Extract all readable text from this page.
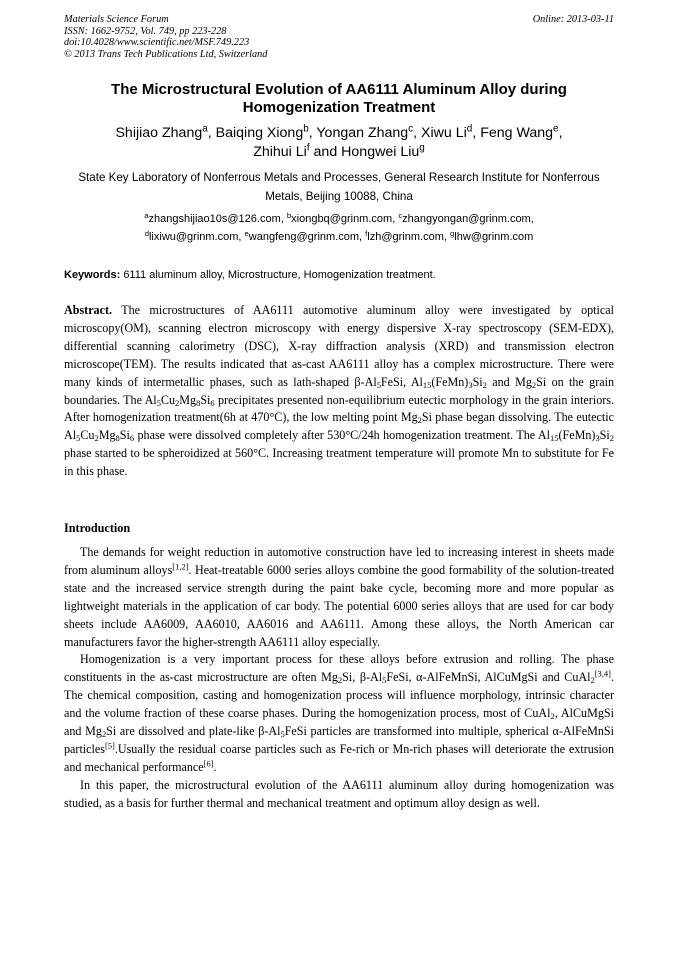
Materials Science Forum
ISSN: 1662-9752, Vol. 749, pp 223-228
doi:10.4028/www.scientific.net/MSF.749.223
© 2013 Trans Tech Publications Ltd, Switzerland
Online: 2013-03-11
The Microstructural Evolution of AA6111 Aluminum Alloy during Homogenization Treatment
Shijiao Zhang$^a$, Baiqing Xiong$^b$, Yongan Zhang$^c$, Xiwu Li$^d$, Feng Wang$^e$,
Zhihui Li$^f$ and Hongwei Liu$^g$
State Key Laboratory of Nonferrous Metals and Processes, General Research Institute for Nonferrous Metals, Beijing 10088, China
$^a$zhangshijiao10s@126.com, $^b$xiongbq@grinm.com, $^c$zhangyongan@grinm.com,
$^d$lixiwu@grinm.com, $^e$wangfeng@grinm.com, $^f$lzh@grinm.com, $^g$lhw@grinm.com
Keywords: 6111 aluminum alloy, Microstructure, Homogenization treatment.
Abstract. The microstructures of AA6111 automotive aluminum alloy were investigated by optical microscopy(OM), scanning electron microscopy with energy dispersive X-ray spectroscopy (SEM-EDX), differential scanning calorimetry (DSC), X-ray diffraction analysis (XRD) and transmission electron microscope(TEM). The results indicated that as-cast AA6111 alloy has a complex microstructure. There were many kinds of intermetallic phases, such as lath-shaped $\beta-Al_5FeSi$, $Al_{15}(FeMn)_3Si_2$ and $Mg_2Si$ on the grain boundaries. The $Al_5Cu_2Mg_8Si_6$ precipitates presented non-equilibrium eutectic morphology in the grain interiors. After homogenization treatment(6h at 470°C), the low melting point $Mg_2Si$ phase began dissolving. The eutectic $Al_5Cu_2Mg_8Si_6$ phase were dissolved completely after 530°C/24h homogenization treatment. The $Al_{15}(FeMn)_3Si_2$ phase started to be spheroidized at 560°C. Increasing treatment temperature will promote Mn to substitute for Fe in this phase.
Introduction

The demands for weight reduction in automotive construction have led to increasing interest in sheets made from aluminum alloys[1,2]. Heat-treatable 6000 series alloys combine the good formability of the solution-treated state and the increased service strength during the paint bake cycle, becoming more and more popular as lightweight materials in the application of car body. The potential 6000 series alloys that are used for car body sheets include AA6009, AA6010, AA6016 and AA6111. Among these alloys, the North American car manufacturers favor the higher-strength AA6111 alloy especially.

Homogenization is a very important process for these alloys before extrusion and rolling. The phase constituents in the as-cast microstructure are often $Mg_2Si$, $\beta-Al_5FeSi$, α-AlFeMnSi, AlCuMgSi and CuAl$_2$[3,4]. The chemical composition, casting and homogenization process will influence morphology, intrinsic character and the volume fraction of these coarse phases. During the homogenization process, most of CuAl$_2$, AlCuMgSi and $Mg_2Si$ are dissolved and plate-like $\beta-Al_5FeSi$ particles are transformed into multiple, spherical α-AlFeMnSi particles[5].Usually the residual coarse particles such as Fe-rich or Mn-rich phases will deteriorate the extrusion and mechanical performance[6].

In this paper, the microstructural evolution of the AA6111 aluminum alloy during homogenization was studied, as a basis for further thermal and mechanical treatment and optimum alloy design as well.
